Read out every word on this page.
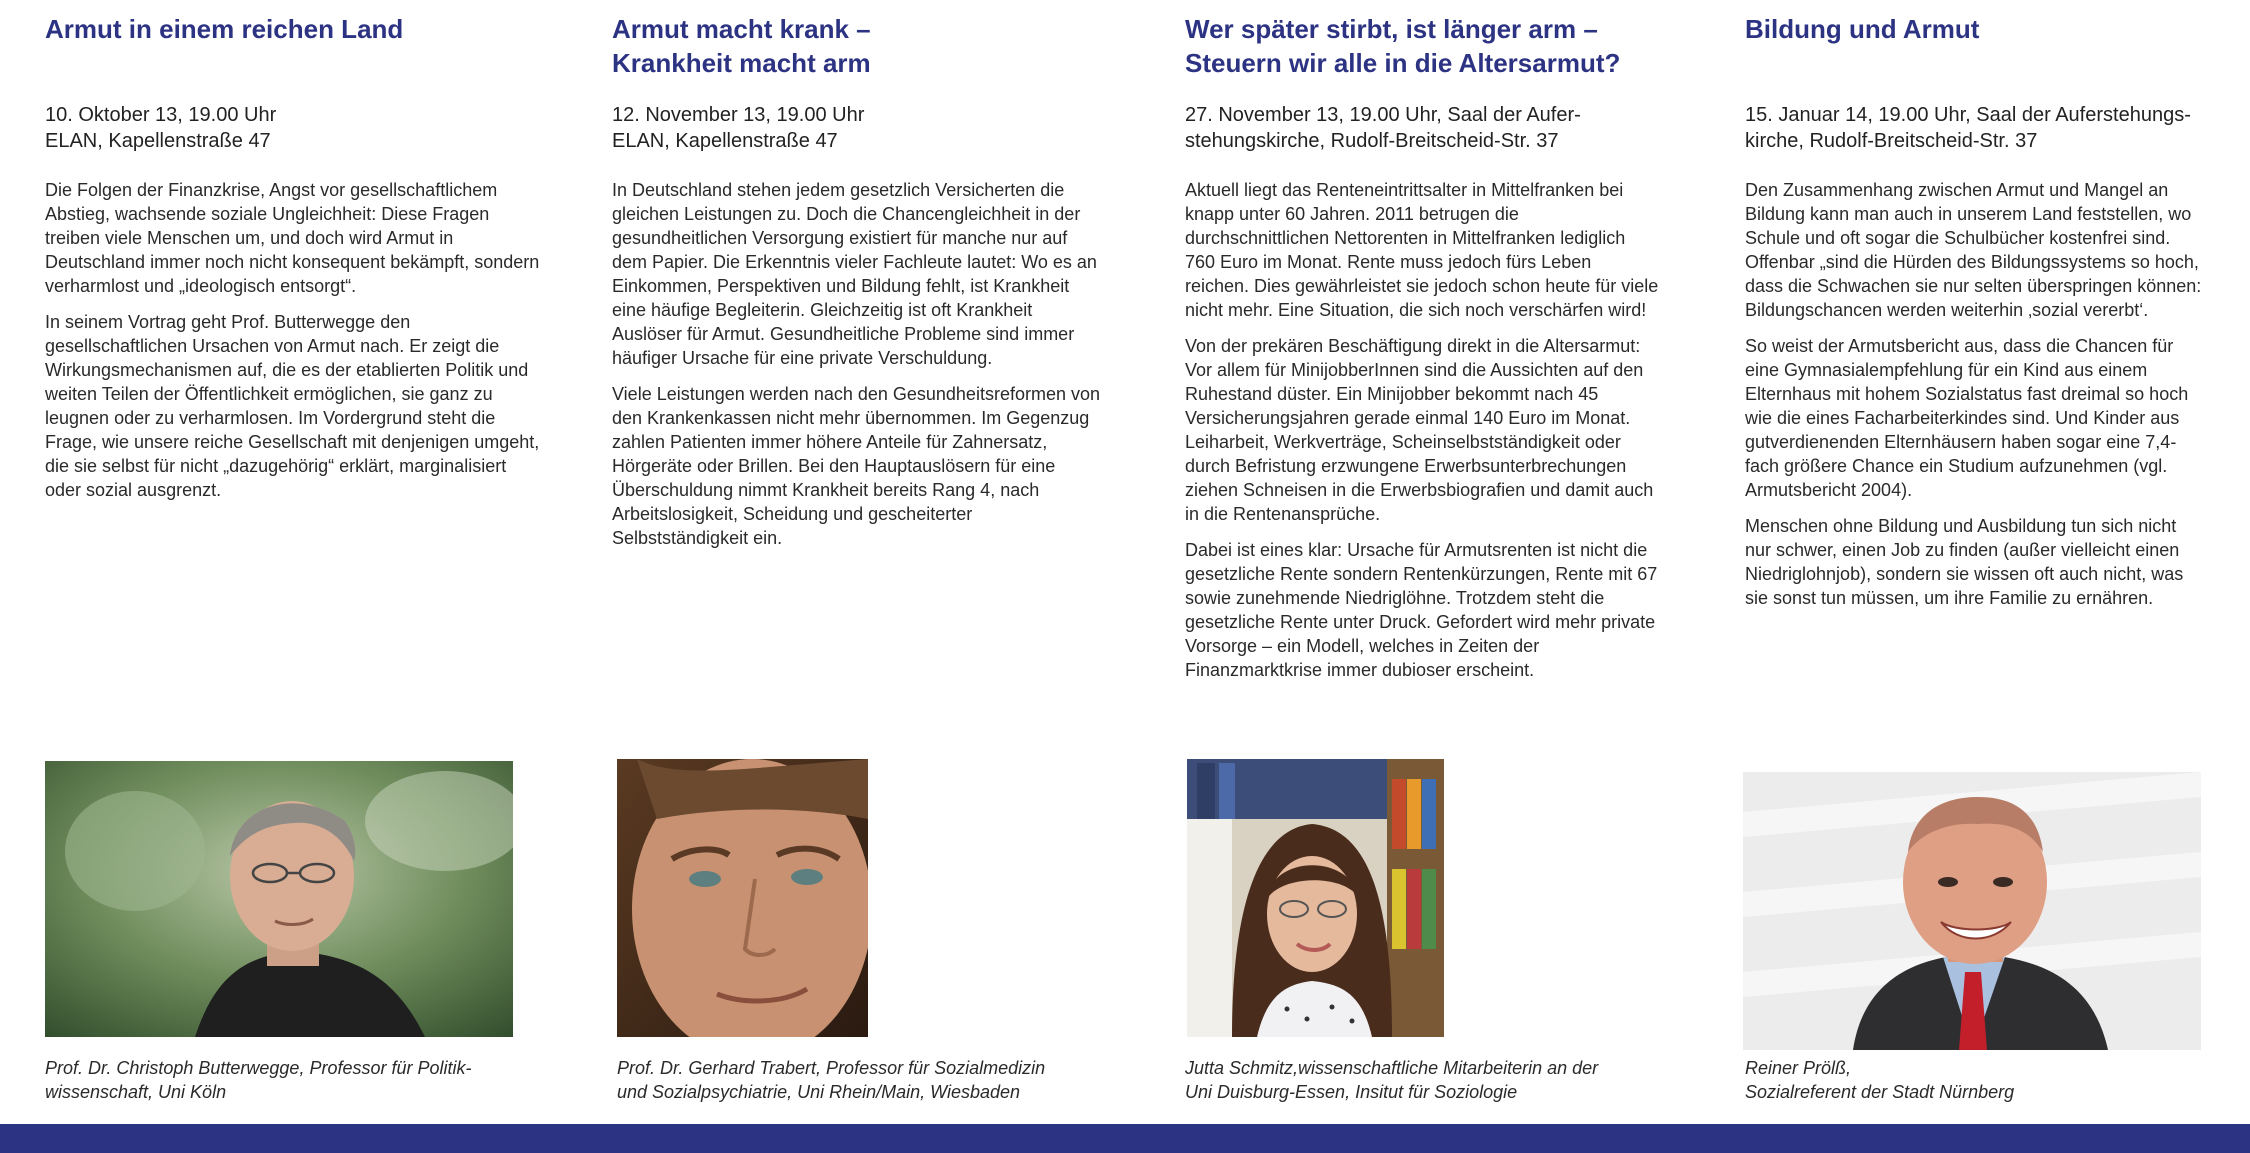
Armut in einem reichen Land
10. Oktober 13, 19.00 Uhr
ELAN, Kapellenstraße 47

Die Folgen der Finanzkrise, Angst vor gesellschaftlichem Abstieg, wachsende soziale Ungleichheit: Diese Fragen treiben viele Menschen um, und doch wird Armut in Deutschland immer noch nicht konsequent bekämpft, sondern verharmlost und „ideologisch entsorgt“.

In seinem Vortrag geht Prof. Butterwegge den gesellschaftlichen Ursachen von Armut nach. Er zeigt die Wirkungsmechanismen auf, die es der etablierten Politik und weiten Teilen der Öffentlichkeit ermöglichen, sie ganz zu leugnen oder zu verharmlosen. Im Vordergrund steht die Frage, wie unsere reiche Gesellschaft mit denjenigen umgeht, die sie selbst für nicht „dazugehörig“ erklärt, marginalisiert oder sozial ausgrenzt.

Armut macht krank –
Krankheit macht arm
12. November 13, 19.00 Uhr
ELAN, Kapellenstraße 47

In Deutschland stehen jedem gesetzlich Versicherten die gleichen Leistungen zu. Doch die Chancengleichheit in der gesundheitlichen Versorgung existiert für manche nur auf dem Papier. Die Erkenntnis vieler Fachleute lautet: Wo es an Einkommen, Perspektiven und Bildung fehlt, ist Krankheit eine häufige Begleiterin. Gleichzeitig ist oft Krankheit Auslöser für Armut. Gesundheitliche Probleme sind immer häufiger Ursache für eine private Verschuldung.

Viele Leistungen werden nach den Gesundheitsreformen von den Krankenkassen nicht mehr übernommen. Im Gegenzug zahlen Patienten immer höhere Anteile für Zahnersatz, Hörgeräte oder Brillen. Bei den Hauptauslösern für eine Überschuldung nimmt Krankheit bereits Rang 4, nach Arbeitslosigkeit, Scheidung und gescheiterter Selbstständigkeit ein.

Wer später stirbt, ist länger arm –
Steuern wir alle in die Altersarmut?
27. November 13, 19.00 Uhr, Saal der Aufer-
stehungskirche, Rudolf-Breitscheid-Str. 37

Aktuell liegt das Renteneintrittsalter in Mittelfranken bei knapp unter 60 Jahren. 2011 betrugen die durchschnittlichen Nettorenten in Mittelfranken lediglich 760 Euro im Monat. Rente muss jedoch fürs Leben reichen. Dies gewährleistet sie jedoch schon heute für viele nicht mehr. Eine Situation, die sich noch verschärfen wird!

Von der prekären Beschäftigung direkt in die Altersarmut: Vor allem für MinijobberInnen sind die Aussichten auf den Ruhestand düster. Ein Minijobber bekommt nach 45 Versicherungsjahren gerade einmal 140 Euro im Monat. Leiharbeit, Werkverträge, Scheinselbstständigkeit oder durch Befristung erzwungene Erwerbsunterbrechungen ziehen Schneisen in die Erwerbsbiografien und damit auch in die Rentenansprüche.

Dabei ist eines klar: Ursache für Armutsrenten ist nicht die gesetzliche Rente sondern Rentenkürzungen, Rente mit 67 sowie zunehmende Niedriglöhne. Trotzdem steht die gesetzliche Rente unter Druck. Gefordert wird mehr private Vorsorge – ein Modell, welches in Zeiten der Finanzmarktkrise immer dubioser erscheint.

Bildung und Armut
15. Januar 14, 19.00 Uhr, Saal der Auferstehungs-
kirche, Rudolf-Breitscheid-Str. 37

Den Zusammenhang zwischen Armut und Mangel an Bildung kann man auch in unserem Land feststellen, wo Schule und oft sogar die Schulbücher kostenfrei sind. Offenbar „sind die Hürden des Bildungssystems so hoch, dass die Schwachen sie nur selten überspringen können: Bildungschancen werden weiterhin ‚sozial vererbt‘.

So weist der Armutsbericht aus, dass die Chancen für eine Gymnasialempfehlung für ein Kind aus einem Elternhaus mit hohem Sozialstatus fast dreimal so hoch wie die eines Facharbeiterkindes sind. Und Kinder aus gutverdienenden Elternhäusern haben sogar eine 7,4-fach größere Chance ein Studium aufzunehmen (vgl. Armutsbericht 2004).

Menschen ohne Bildung und Ausbildung tun sich nicht nur schwer, einen Job zu finden (außer vielleicht einen Niedriglohnjob), sondern sie wissen oft auch nicht, was sie sonst tun müssen, um ihre Familie zu ernähren.

Prof. Dr. Christoph Butterwegge, Professor für Politik-
wissenschaft, Uni Köln
Prof. Dr. Gerhard Trabert, Professor für Sozialmedizin
und Sozialpsychiatrie, Uni Rhein/Main, Wiesbaden
Jutta Schmitz,wissenschaftliche Mitarbeiterin an der
Uni Duisburg-Essen, Insitut für Soziologie
Reiner Prölß,
Sozialreferent der Stadt Nürnberg
